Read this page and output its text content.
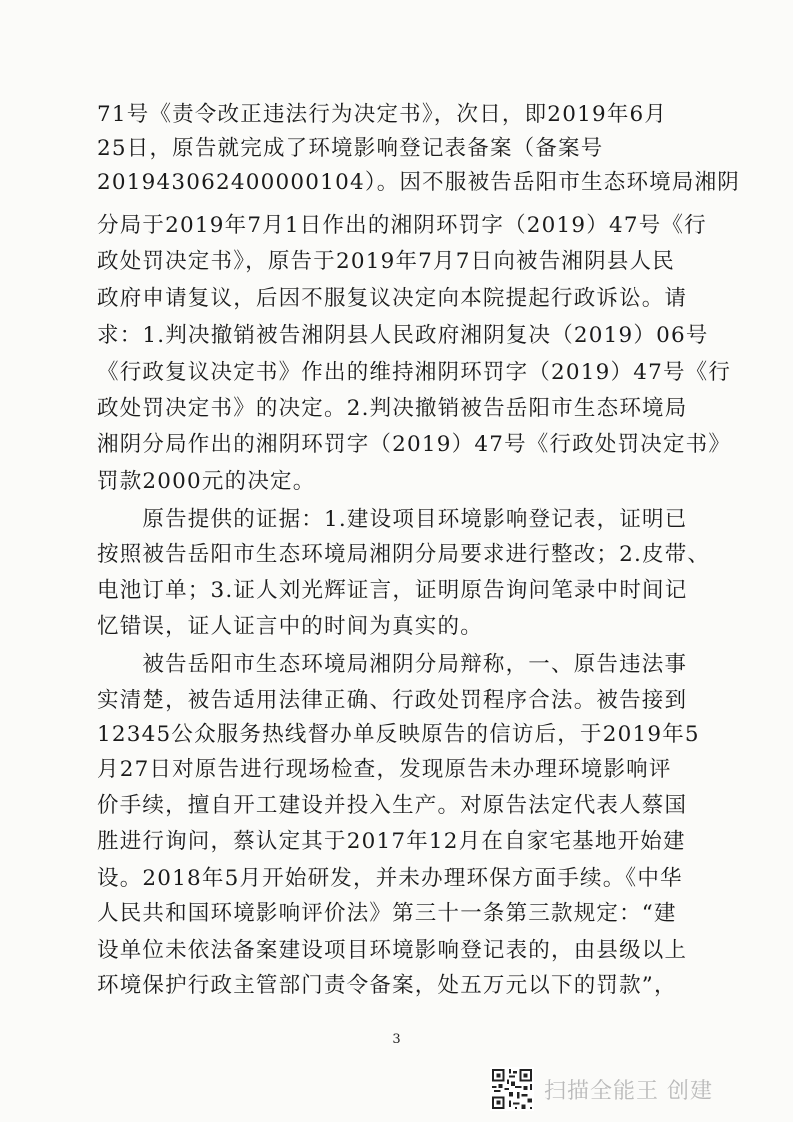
71号《责令改正违法行为决定书》，次日，即2019年6月
25日，原告就完成了环境影响登记表备案（备案号
201943062400000104）。因不服被告岳阳市生态环境局湘阴
分局于2019年7月1日作出的湘阴环罚字（2019）47号《行
政处罚决定书》，原告于2019年7月7日向被告湘阴县人民
政府申请复议，后因不服复议决定向本院提起行政诉讼。请
求：1.判决撤销被告湘阴县人民政府湘阴复决（2019）06号
《行政复议决定书》作出的维持湘阴环罚字（2019）47号《行
政处罚决定书》的决定。2.判决撤销被告岳阳市生态环境局
湘阴分局作出的湘阴环罚字（2019）47号《行政处罚决定书》
罚款2000元的决定。
　　原告提供的证据：1.建设项目环境影响登记表，证明已
按照被告岳阳市生态环境局湘阴分局要求进行整改；2.皮带、
电池订单；3.证人刘光辉证言，证明原告询问笔录中时间记
忆错误，证人证言中的时间为真实的。
　　被告岳阳市生态环境局湘阴分局辩称，一、原告违法事
实清楚，被告适用法律正确、行政处罚程序合法。被告接到
12345公众服务热线督办单反映原告的信访后，于2019年5
月27日对原告进行现场检查，发现原告未办理环境影响评
价手续，擅自开工建设并投入生产。对原告法定代表人蔡国
胜进行询问，蔡认定其于2017年12月在自家宅基地开始建
设。2018年5月开始研发，并未办理环保方面手续。《中华
人民共和国环境影响评价法》第三十一条第三款规定：“建
设单位未依法备案建设项目环境影响登记表的，由县级以上
环境保护行政主管部门责令备案，处五万元以下的罚款”，
3
扫描全能王 创建
